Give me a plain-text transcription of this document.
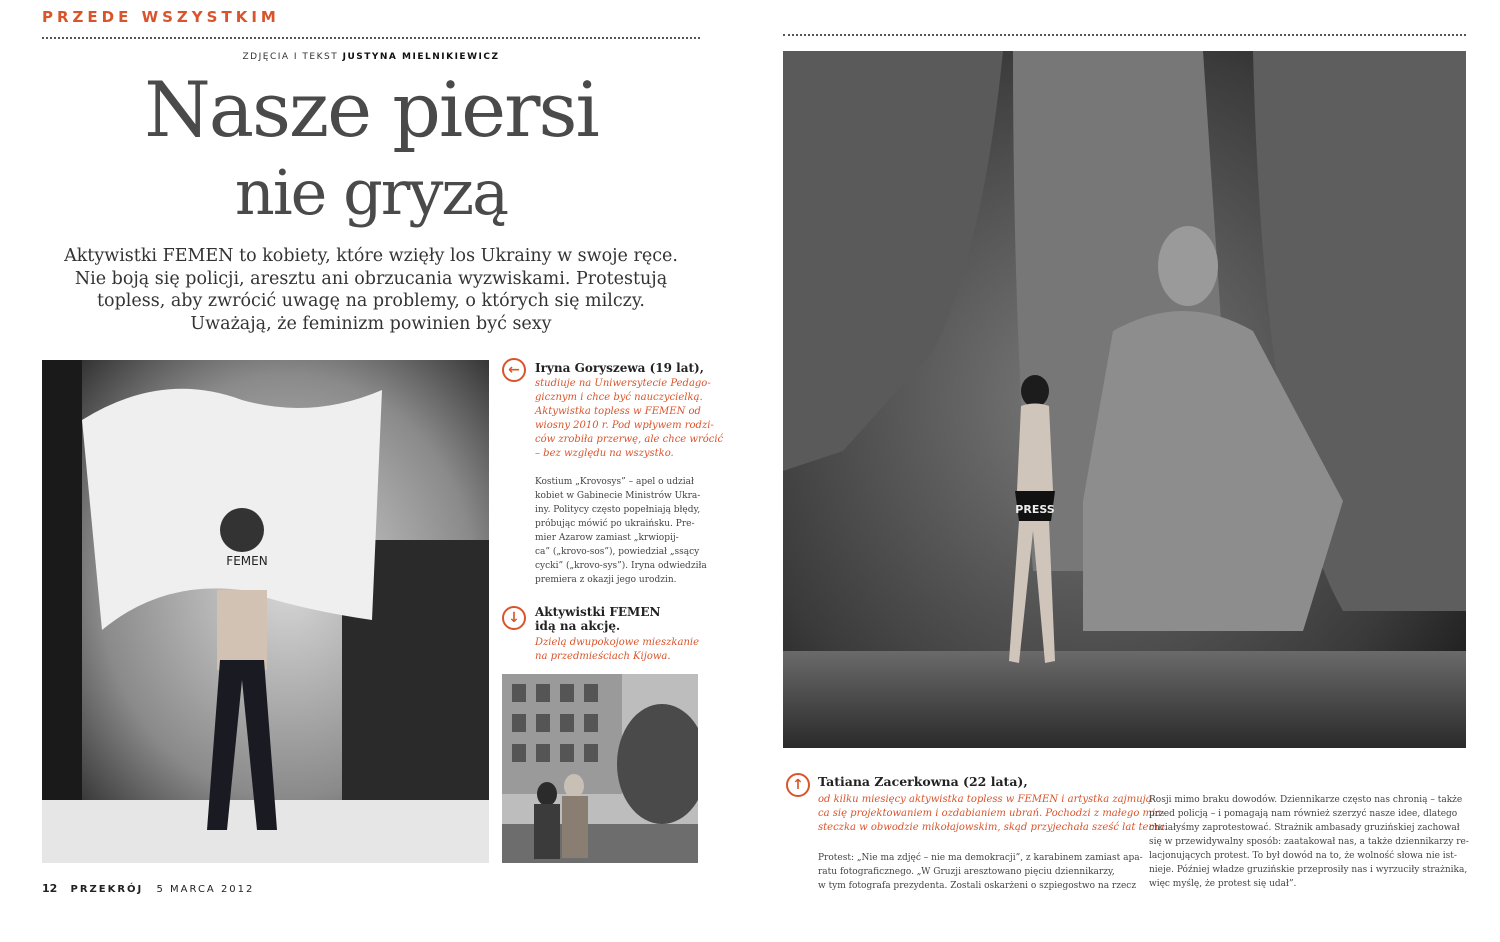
PRZEDE WSZYSTKIM
ZDJĘCIA I TEKST JUSTYNA MIELNIKIEWICZ
Nasze piersi
nie gryzą
Aktywistki FEMEN to kobiety, które wzięły los Ukrainy w swoje ręce.
Nie boją się policji, aresztu ani obrzucania wyzwiskami. Protestują
topless, aby zwrócić uwagę na problemy, o których się milczy.
Uważają, że feminizm powinien być sexy
FEMEN
←	Iryna Goryszewa (19 lat),
studiuje na Uniwersytecie Pedago-
gicznym i chce być nauczycielką.
Aktywistka topless w FEMEN od
wiosny 2010 r. Pod wpływem rodzi-
ców zrobiła przerwę, ale chce wrócić
– bez względu na wszystko.
Kostium „Krovosys” – apel o udział
kobiet w Gabinecie Ministrów Ukra-
iny. Politycy często popełniają błędy,
próbując mówić po ukraińsku. Pre-
mier Azarow zamiast „krwiopij-
ca” („krovo-sos”), powiedział „ssący
cycki” („krovo-sys”). Iryna odwiedziła
premiera z okazji jego urodzin.
↓	Aktywistki FEMEN
idą na akcję.
Dzielą dwupokojowe mieszkanie
na przedmieściach Kijowa.
12 PRZEKRÓJ 5 MARCA 2012
PRESS
↑	Tatiana Zacerkowna (22 lata),
od kilku miesięcy aktywistka topless w FEMEN i artystka zajmują-
ca się projektowaniem i ozdabianiem ubrań. Pochodzi z małego mia-
steczka w obwodzie mikołajowskim, skąd przyjechała sześć lat temu.
Protest: „Nie ma zdjęć – nie ma demokracji”, z karabinem zamiast apa-
ratu fotograficznego. „W Gruzji aresztowano pięciu dziennikarzy,
w tym fotografa prezydenta. Zostali oskarżeni o szpiegostwo na rzecz
Rosji mimo braku dowodów. Dziennikarze często nas chronią – także
przed policją – i pomagają nam również szerzyć nasze idee, dlatego
chciałyśmy zaprotestować. Strażnik ambasady gruzińskiej zachował
się w przewidywalny sposób: zaatakował nas, a także dziennikarzy re-
lacjonujących protest. To był dowód na to, że wolność słowa nie ist-
nieje. Później władze gruzińskie przeprosiły nas i wyrzuciły strażnika,
więc myślę, że protest się udał”.
